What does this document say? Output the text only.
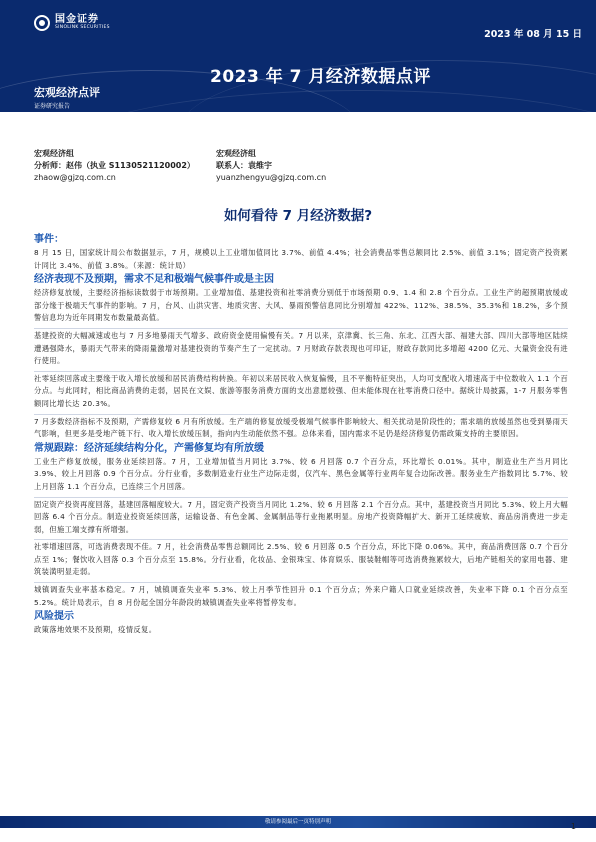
国金证券
SINOLINK SECURITIES
2023 年 08 月 15 日
2023 年 7 月经济数据点评
宏观经济点评
证券研究报告
宏观经济组
分析师：赵伟（执业 S1130521120002）
zhaow@gjzq.com.cn
宏观经济组
联系人：袁维宇
yuanzhengyu@gjzq.com.cn
如何看待 7 月经济数据?
事件：
8 月 15 日，国家统计局公布数据显示，7 月，规模以上工业增加值同比 3.7%、前值 4.4%；社会消费品零售总额同比 2.5%、前值 3.1%；固定资产投资累计同比 3.4%、前值 3.8%。（来源：统计局）
经济表现不及预期，需求不足和极端气候事件或是主因
经济修复放缓，主要经济指标读数弱于市场预期。工业增加值、基建投资和社零消费分别低于市场预期 0.9、1.4 和 2.8 个百分点。工业生产的超预期放缓或部分缘于极端天气事件的影响。7 月，台风、山洪灾害、地质灾害、大风、暴雨预警信息同比分别增加 422%、112%、38.5%、35.3%和 18.2%，多个预警信息均为近年同期发布数量最高值。
基建投资的大幅减速或也与 7 月多地暴雨天气增多、政府资金使用偏慢有关。7 月以来，京津冀、长三角、东北、江西大部、福建大部、四川大部等地区陆续遭遇强降水，暴雨天气带来的降雨量激增对基建投资的节奏产生了一定扰动。7 月财政存款表现也可印证，财政存款同比多增超 4200 亿元、大量资金没有进行使用。
社零延续回落或主要缘于收入增长放缓和居民消费结构转换。年初以来居民收入恢复偏慢，且不平衡特征突出，人均可支配收入增速高于中位数收入 1.1 个百分点。与此同时，相比商品消费的走弱，居民在文娱、旅游等服务消费方面的支出意愿较强、但未能体现在社零消费口径中。据统计局披露，1-7 月服务零售额同比增长达 20.3%。
7 月多数经济指标不及预期，产需修复较 6 月有所放缓。生产端的修复放缓受极端气候事件影响较大、相关扰动是阶段性的；需求端的放缓虽然也受到暴雨天气影响，但更多是受地产链下行、收入增长放缓压制，指向内生动能依然不强。总体来看，国内需求不足仍是经济修复仍需政策支持的主要原因。
常规跟踪：经济延续结构分化，产需修复均有所放缓
工业生产修复放缓，服务业延续回落。7 月，工业增加值当月同比 3.7%、较 6 月回落 0.7 个百分点，环比增长 0.01%。其中，制造业生产当月同比 3.9%、较上月回落 0.9 个百分点。分行业看，多数制造业行业生产边际走弱，仅汽车、黑色金属等行业两年复合边际改善。服务业生产指数同比 5.7%、较上月回落 1.1 个百分点，已连续三个月回落。
固定资产投资再度回落，基建回落幅度较大。7 月，固定资产投资当月同比 1.2%、较 6 月回落 2.1 个百分点。其中，基建投资当月同比 5.3%、较上月大幅回落 6.4 个百分点。制造业投资延续回落，运输设备、有色金属、金属制品等行业拖累明显。房地产投资降幅扩大、新开工延续疲软、商品房消费进一步走弱，但施工端支撑有所增强。
社零增速回落，可选消费表现不佳。7 月，社会消费品零售总额同比 2.5%、较 6 月回落 0.5 个百分点，环比下降 0.06%。其中，商品消费回落 0.7 个百分点至 1%；餐饮收入回落 0.3 个百分点至 15.8%。分行业看，化妆品、金银珠宝、体育娱乐、服装鞋帽等可选消费拖累较大，后地产链相关的家用电器、建筑装潢明显走弱。
城镇调查失业率基本稳定。7 月，城镇调查失业率 5.3%、较上月季节性回升 0.1 个百分点；外来户籍人口就业延续改善，失业率下降 0.1 个百分点至 5.2%。统计局表示，自 8 月份起全国分年龄段的城镇调查失业率将暂停发布。
风险提示
政策落地效果不及预期，疫情反复。
敬请参阅最后一页特别声明	1
